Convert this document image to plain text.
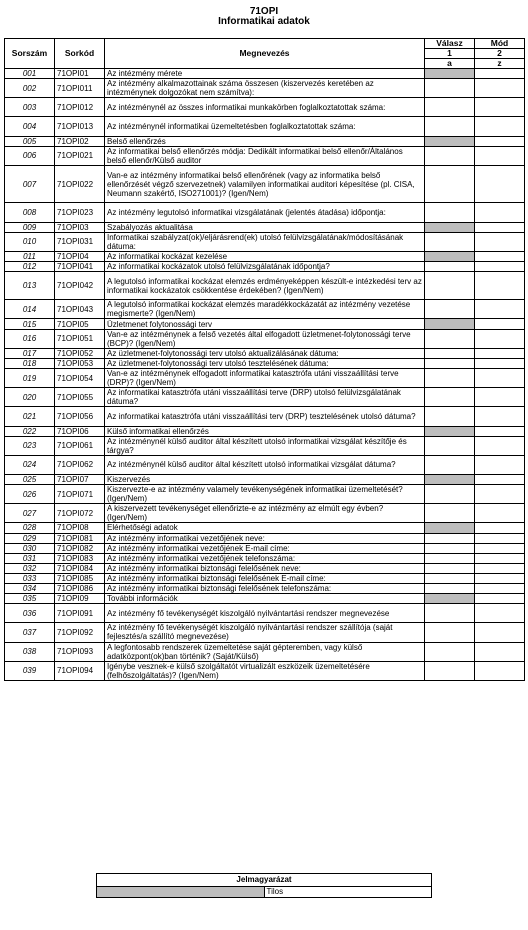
71OPI
Informatikai adatok
Sorszám	Sorkód	Megnevezés	Válasz	Mód
			1	2
			a	z
001	71OPI01	Az intézmény mérete		
002	71OPI011	Az intézmény alkalmazottainak száma összesen (kiszervezés keretében az intézménynek dolgozókat nem számítva):		
003	71OPI012	Az intézménynél az összes informatikai munkakörben foglalkoztatottak száma:		
004	71OPI013	Az intézménynél informatikai üzemeltetésben foglalkoztatottak száma:		
005	71OPI02	Belső ellenőrzés		
006	71OPI021	Az informatikai belső ellenőrzés módja: Dedikált informatikai belső ellenőr/Általános belső ellenőr/Külső auditor		
007	71OPI022	Van-e az intézmény informatikai belső ellenőrének (vagy az informatika belső ellenőrzését végző szervezetnek) valamilyen informatikai auditori képesítése (pl. CISA, Neumann szakértő, ISO271001)? (Igen/Nem)		
008	71OPI023	Az intézmény legutolsó informatikai vizsgálatának (jelentés átadása) időpontja:		
009	71OPI03	Szabályozás aktualitása		
010	71OPI031	Informatikai szabályzat(ok)/eljárásrend(ek) utolsó felülvizsgálatának/módosításának dátuma:		
011	71OPI04	Az informatikai kockázat kezelése		
012	71OPI041	Az informatikai kockázatok utolsó felülvizsgálatának időpontja?		
013	71OPI042	A legutolsó informatikai kockázat elemzés erdményeképpen készült-e intézkedési terv az informatikai kockázatok csökkentése érdekében? (Igen/Nem)		
014	71OPI043	A legutolsó informatikai kockázat elemzés maradékkockázatát az intézmény vezetése megismerte? (Igen/Nem)		
015	71OPI05	Üzletmenet folytonossági terv		
016	71OPI051	Van-e az intézménynek a felső vezetés által elfogadott üzletmenet-folytonossági terve (BCP)? (Igen/Nem)		
017	71OPI052	Az üzletmenet-folytonossági terv utolsó aktualizálásának dátuma:		
018	71OPI053	Az üzletmenet-folytonossági terv utolsó tesztelésének dátuma:		
019	71OPI054	Van-e az intézménynek elfogadott informatikai katasztrófa utáni visszaállítási terve (DRP)? (Igen/Nem)		
020	71OPI055	Az informatikai katasztrófa utáni visszaállítási terve (DRP) utolsó felülvizsgálatának dátuma?		
021	71OPI056	Az informatikai katasztrófa utáni visszaállítási terv (DRP) tesztelésének utolsó dátuma?		
022	71OPI06	Külső informatikai ellenőrzés		
023	71OPI061	Az intézménynél külső auditor által készített utolsó informatikai vizsgálat készítője és tárgya?		
024	71OPI062	Az intézménynél külső auditor által készített utolsó informatikai vizsgálat dátuma?		
025	71OPI07	Kiszervezés		
026	71OPI071	Kiszervezte-e az intézmény valamely tevékenységének informatikai üzemeltetését? (Igen/Nem)		
027	71OPI072	A kiszervezett tevékenységet ellenőrizte-e az intézmény az elmúlt egy évben? (Igen/Nem)		
028	71OPI08	Elérhetőségi adatok		
029	71OPI081	Az intézmény informatikai vezetőjének neve:		
030	71OPI082	Az intézmény informatikai vezetőjének E-mail címe:		
031	71OPI083	Az intézmény informatikai vezetőjének telefonszáma:		
032	71OPI084	Az intézmény informatikai biztonsági felelősének neve:		
033	71OPI085	Az intézmény informatikai biztonsági felelősének E-mail címe:		
034	71OPI086	Az intézmény informatikai biztonsági felelősének telefonszáma:		
035	71OPI09	További információk		
036	71OPI091	Az intézmény fő tevékenységét kiszolgáló nyilvántartási rendszer megnevezése		
037	71OPI092	Az intézmény fő tevékenységét kiszolgáló nyilvántartási rendszer szállítója (saját fejlesztés/a szállító megnevezése)		
038	71OPI093	A legfontosabb rendszerek üzemeltetése saját gépteremben, vagy külső adatközpont(ok)ban történik? (Saját/Külső)		
039	71OPI094	Igénybe vesznek-e külső szolgáltatót virtualizált eszközeik üzemeltetésére (felhőszolgáltatás)? (Igen/Nem)		
Jelmagyarázat
	Tilos
